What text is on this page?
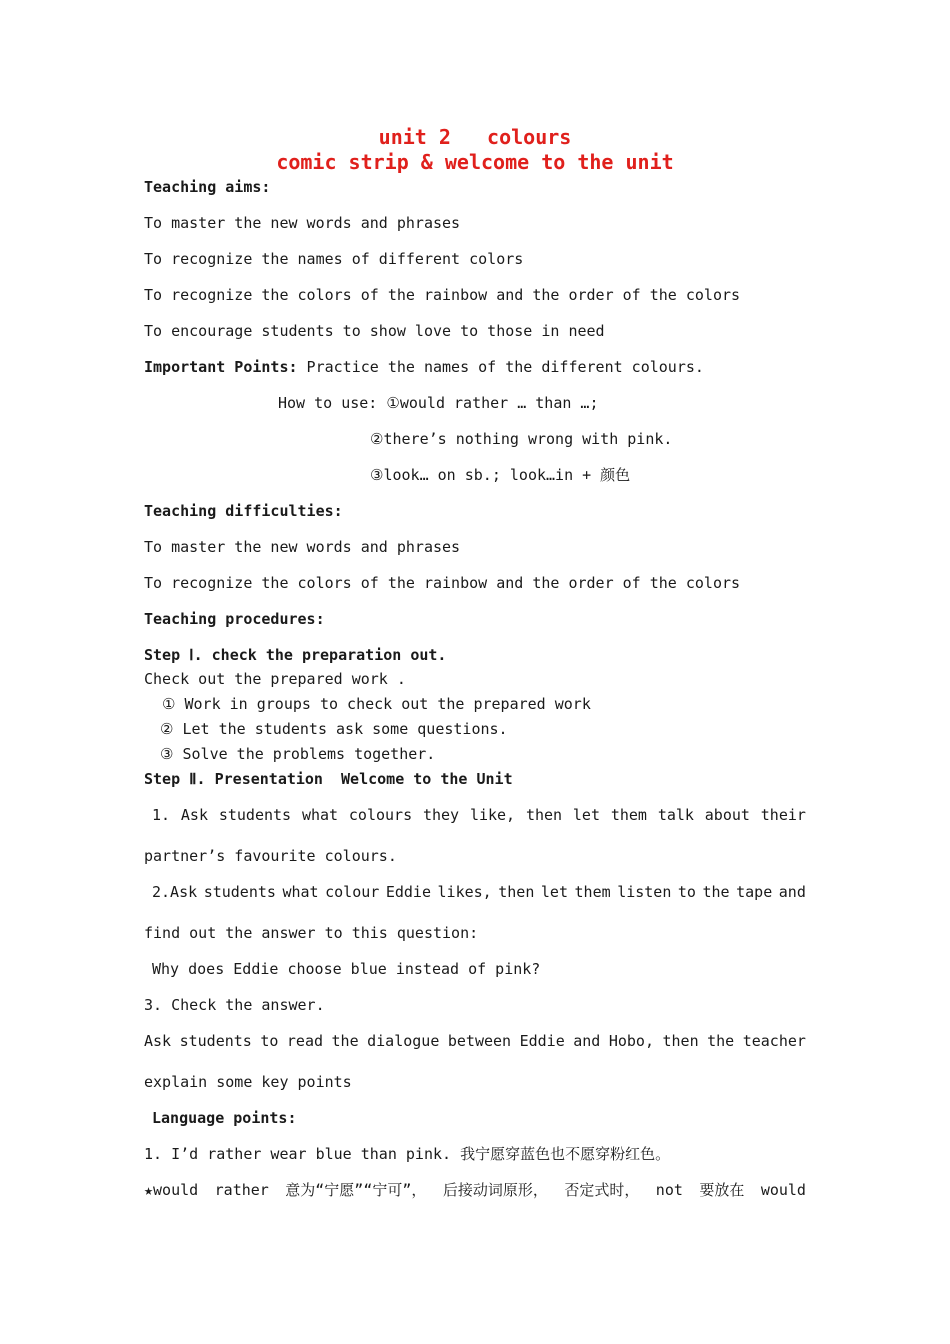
unit 2   colours
comic strip & welcome to the unit
Teaching aims:
To master the new words and phrases
To recognize the names of different colors
To recognize the colors of the rainbow and the order of the colors
To encourage students to show love to those in need
Important Points: Practice the names of the different colours.
How to use: ①would rather … than …;
②there’s nothing wrong with pink.
③look… on sb.; look…in + 颜色
Teaching difficulties:
To master the new words and phrases
To recognize the colors of the rainbow and the order of the colors
Teaching procedures:
Step Ⅰ. check the preparation out.
Check out the prepared work .
① Work in groups to check out the prepared work
② Let the students ask some questions.
③ Solve the problems together.
Step Ⅱ. Presentation  Welcome to the Unit
1. Ask students what colours they like, then let them talk about their
partner’s favourite colours.
2.Ask students what colour Eddie likes, then let them listen to the tape and
find out the answer to this question:
Why does Eddie choose blue instead of pink?
3. Check the answer.
Ask students to read the dialogue between Eddie and Hobo, then the teacher
explain some key points
Language points:
1. I’d rather wear blue than pink. 我宁愿穿蓝色也不愿穿粉红色。
★would rather 意为“宁愿”“宁可”， 后接动词原形， 否定式时， not 要放在 would
